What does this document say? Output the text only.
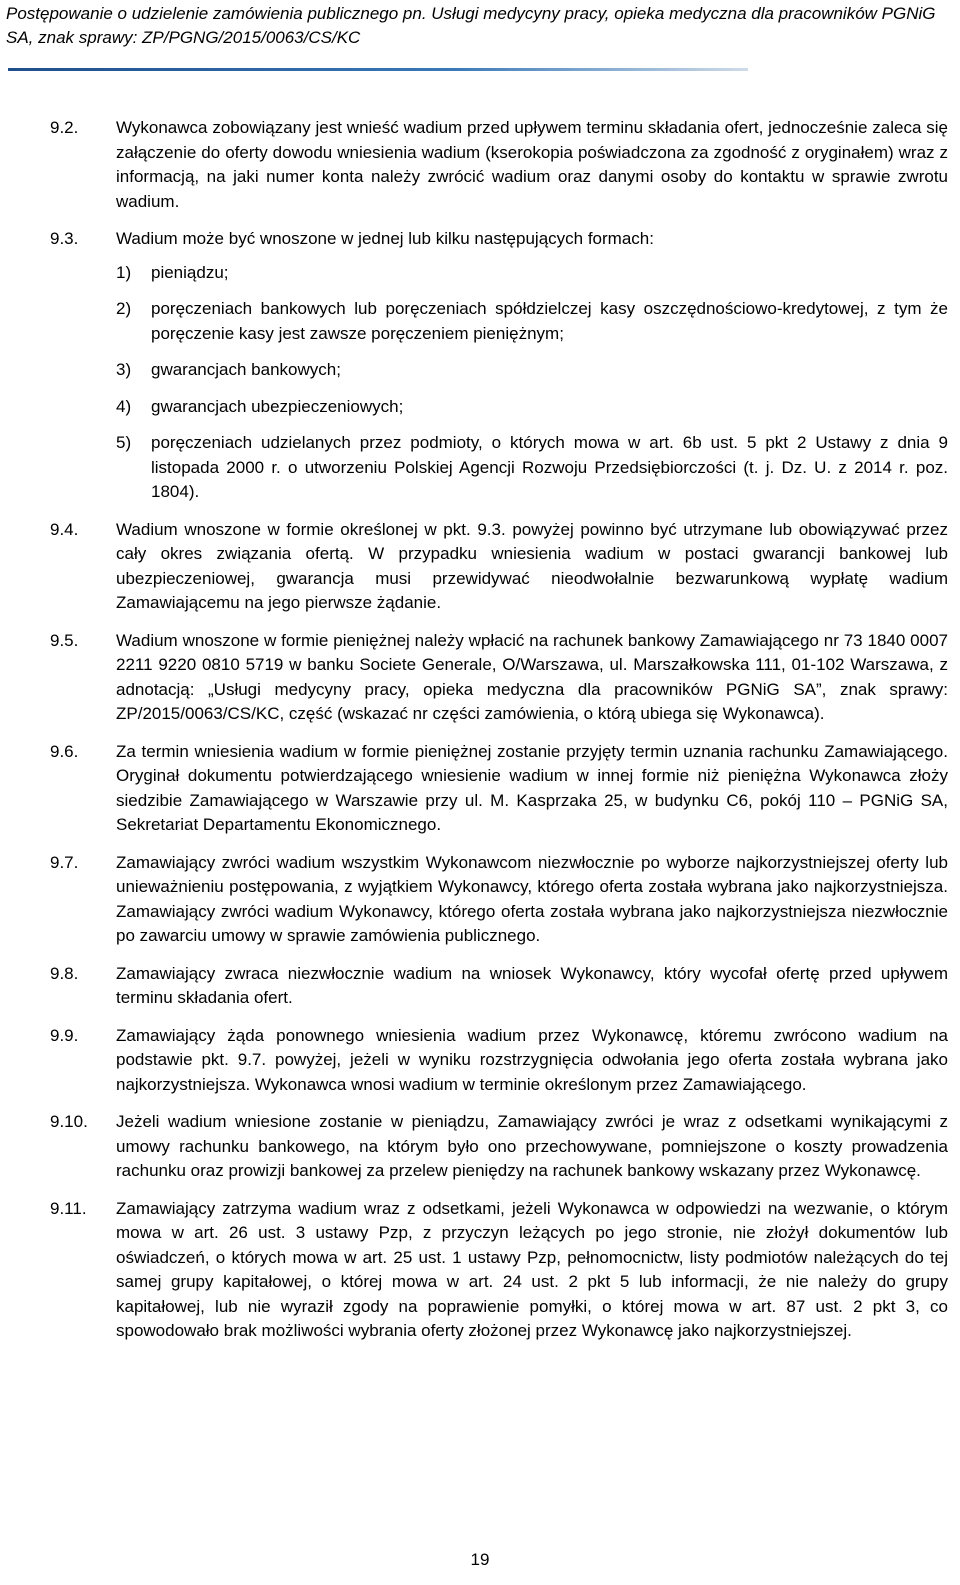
Postępowanie o udzielenie zamówienia publicznego pn. Usługi medycyny pracy, opieka medyczna dla pracowników PGNiG SA, znak sprawy: ZP/PGNG/2015/0063/CS/KC
9.2. Wykonawca zobowiązany jest wnieść wadium przed upływem terminu składania ofert, jednocześnie zaleca się załączenie do oferty dowodu wniesienia wadium (kserokopia poświadczona za zgodność z oryginałem) wraz z informacją, na jaki numer konta należy zwrócić wadium oraz danymi osoby do kontaktu w sprawie zwrotu wadium.
9.3. Wadium może być wnoszone w jednej lub kilku następujących formach:
1) pieniądzu;
2) poręczeniach bankowych lub poręczeniach spółdzielczej kasy oszczędnościowo-kredytowej, z tym że poręczenie kasy jest zawsze poręczeniem pieniężnym;
3) gwarancjach bankowych;
4) gwarancjach ubezpieczeniowych;
5) poręczeniach udzielanych przez podmioty, o których mowa w art. 6b ust. 5 pkt 2 Ustawy z dnia 9 listopada 2000 r. o utworzeniu Polskiej Agencji Rozwoju Przedsiębiorczości (t. j. Dz. U. z 2014 r. poz. 1804).
9.4. Wadium wnoszone w formie określonej w pkt. 9.3. powyżej powinno być utrzymane lub obowiązywać przez cały okres związania ofertą. W przypadku wniesienia wadium w postaci gwarancji bankowej lub ubezpieczeniowej, gwarancja musi przewidywać nieodwołalnie bezwarunkową wypłatę wadium Zamawiającemu na jego pierwsze żądanie.
9.5. Wadium wnoszone w formie pieniężnej należy wpłacić na rachunek bankowy Zamawiającego nr 73 1840 0007 2211 9220 0810 5719 w banku Societe Generale, O/Warszawa, ul. Marszałkowska 111, 01-102 Warszawa, z adnotacją: „Usługi medycyny pracy, opieka medyczna dla pracowników PGNiG SA”, znak sprawy: ZP/2015/0063/CS/KC, część (wskazać nr części zamówienia, o którą ubiega się Wykonawca).
9.6. Za termin wniesienia wadium w formie pieniężnej zostanie przyjęty termin uznania rachunku Zamawiającego. Oryginał dokumentu potwierdzającego wniesienie wadium w innej formie niż pieniężna Wykonawca złoży siedzibie Zamawiającego w Warszawie przy ul. M. Kasprzaka 25, w budynku C6, pokój 110 – PGNiG SA, Sekretariat Departamentu Ekonomicznego.
9.7. Zamawiający zwróci wadium wszystkim Wykonawcom niezwłocznie po wyborze najkorzystniejszej oferty lub unieważnieniu postępowania, z wyjątkiem Wykonawcy, którego oferta została wybrana jako najkorzystniejsza. Zamawiający zwróci wadium Wykonawcy, którego oferta została wybrana jako najkorzystniejsza niezwłocznie po zawarciu umowy w sprawie zamówienia publicznego.
9.8. Zamawiający zwraca niezwłocznie wadium na wniosek Wykonawcy, który wycofał ofertę przed upływem terminu składania ofert.
9.9. Zamawiający żąda ponownego wniesienia wadium przez Wykonawcę, któremu zwrócono wadium na podstawie pkt. 9.7. powyżej, jeżeli w wyniku rozstrzygnięcia odwołania jego oferta została wybrana jako najkorzystniejsza. Wykonawca wnosi wadium w terminie określonym przez Zamawiającego.
9.10. Jeżeli wadium wniesione zostanie w pieniądzu, Zamawiający zwróci je wraz z odsetkami wynikającymi z umowy rachunku bankowego, na którym było ono przechowywane, pomniejszone o koszty prowadzenia rachunku oraz prowizji bankowej za przelew pieniędzy na rachunek bankowy wskazany przez Wykonawcę.
9.11. Zamawiający zatrzyma wadium wraz z odsetkami, jeżeli Wykonawca w odpowiedzi na wezwanie, o którym mowa w art. 26 ust. 3 ustawy Pzp, z przyczyn leżących po jego stronie, nie złożył dokumentów lub oświadczeń, o których mowa w art. 25 ust. 1 ustawy Pzp, pełnomocnictw, listy podmiotów należących do tej samej grupy kapitałowej, o której mowa w art. 24 ust. 2 pkt 5 lub informacji, że nie należy do grupy kapitałowej, lub nie wyraził zgody na poprawienie pomyłki, o której mowa w art. 87 ust. 2 pkt 3, co spowodowało brak możliwości wybrania oferty złożonej przez Wykonawcę jako najkorzystniejszej.
19
